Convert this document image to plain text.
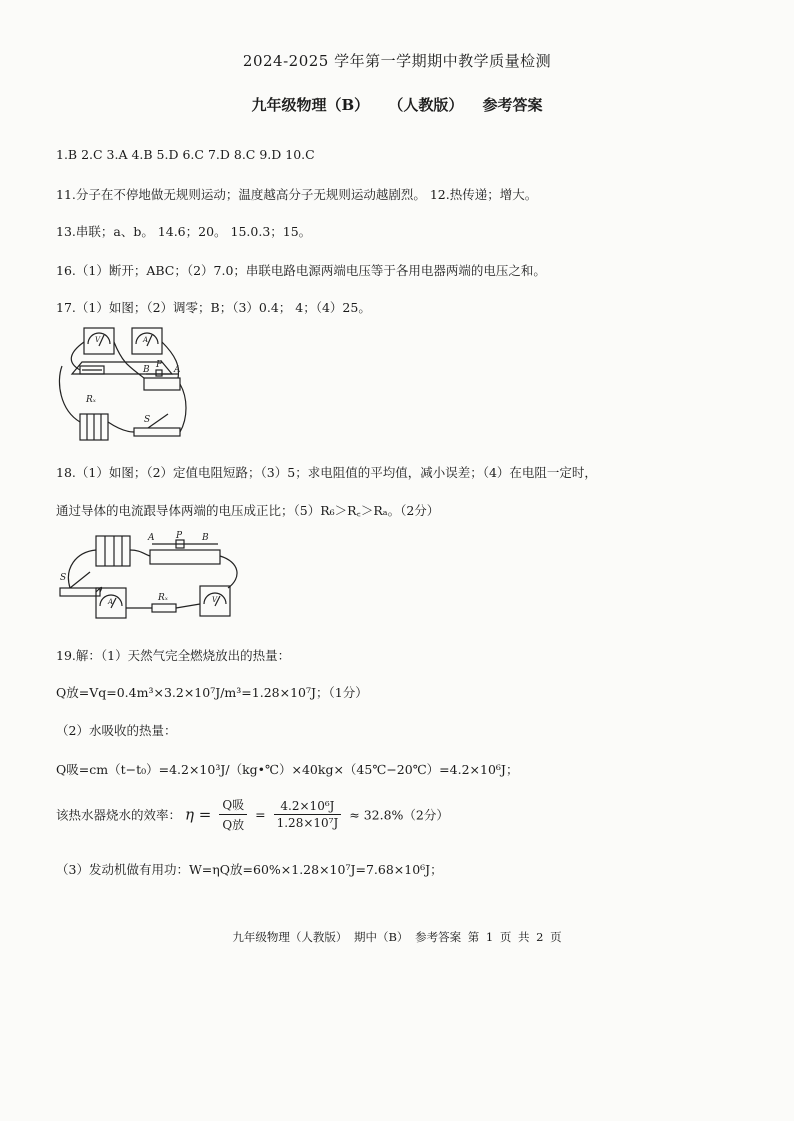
2024-2025 学年第一学期期中教学质量检测
九年级物理（B） （人教版） 参考答案
1.B 2.C 3.A 4.B 5.D 6.C 7.D 8.C 9.D 10.C
11.分子在不停地做无规则运动；温度越高分子无规则运动越剧烈。 12.热传递；增大。
13.串联；a、b。 14.6；20。 15.0.3；15。
16.（1）断开；ABC；（2）7.0；串联电路电源两端电压等于各用电器两端的电压之和。
17.（1）如图；（2）调零；B；（3）0.4； 4；（4）25。
B P A
Rₓ
S
V	A
18.（1）如图；（2）定值电阻短路；（3）5；求电阻值的平均值，减小误差；（4）在电阻一定时，
通过导体的电流跟导体两端的电压成正比；（5）R₆＞R꜀＞Rₐ。（2分）
A P B
Rₓ
S
A	V
19.解：（1）天然气完全燃烧放出的热量：
Q放=Vq=0.4m³×3.2×10⁷J/m³=1.28×10⁷J；（1分）
（2）水吸收的热量：
Q吸=cm（t−t₀）=4.2×10³J/（kg•℃）×40kg×（45℃−20℃）=4.2×10⁶J；
该热水器烧水的效率： $\eta = \frac{\text{Q吸}}{\text{Q放}} = \frac{\text{4.2×10⁶J}}{\text{1.28×10⁷J}} \approx 32.8\%(2$分）
（3）发动机做有用功：W=ηQ放=60%×1.28×10⁷J=7.68×10⁶J；
九年级物理（人教版） 期中（B） 参考答案 第 1 页 共 2 页
